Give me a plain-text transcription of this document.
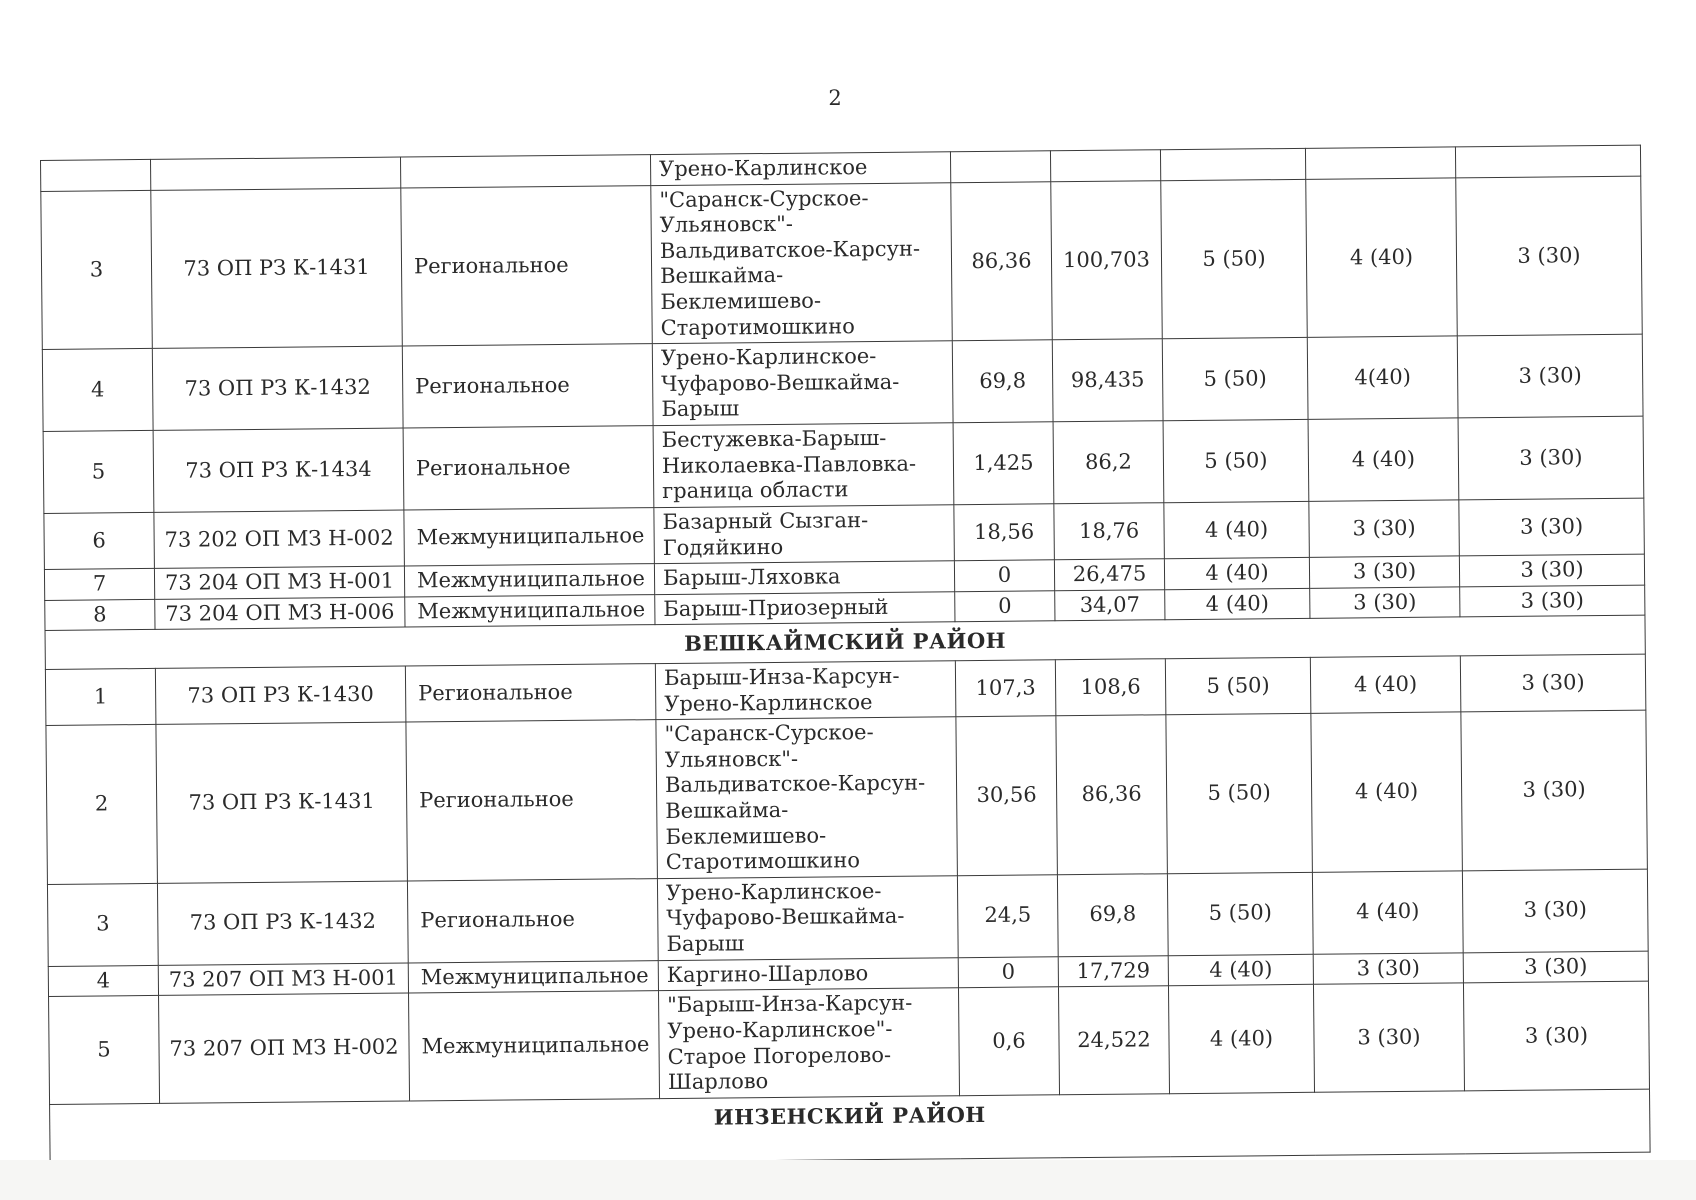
2
			Урено-Карлинское					
3	73 ОП РЗ К-1431	Региональное	"Саранск-Сурское-Ульяновск"-Вальдиватское-Карсун-Вешкайма-Беклемишево-Старотимошкино	86,36	100,703	5 (50)	4 (40)	3 (30)
4	73 ОП РЗ К-1432	Региональное	Урено-Карлинское-Чуфарово-Вешкайма-Барыш	69,8	98,435	5 (50)	4(40)	3 (30)
5	73 ОП РЗ К-1434	Региональное	Бестужевка-Барыш-Николаевка-Павловка-граница области	1,425	86,2	5 (50)	4 (40)	3 (30)
6	73 202 ОП МЗ Н-002	Межмуниципальное	Базарный Сызган-Годяйкино	18,56	18,76	4 (40)	3 (30)	3 (30)
7	73 204 ОП МЗ Н-001	Межмуниципальное	Барыш-Ляховка	0	26,475	4 (40)	3 (30)	3 (30)
8	73 204 ОП МЗ Н-006	Межмуниципальное	Барыш-Приозерный	0	34,07	4 (40)	3 (30)	3 (30)
ВЕШКАЙМСКИЙ РАЙОН								
1	73 ОП РЗ К-1430	Региональное	Барыш-Инза-Карсун-Урено-Карлинское	107,3	108,6	5 (50)	4 (40)	3 (30)
2	73 ОП РЗ К-1431	Региональное	"Саранск-Сурское-Ульяновск"-Вальдиватское-Карсун-Вешкайма-Беклемишево-Старотимошкино	30,56	86,36	5 (50)	4 (40)	3 (30)
3	73 ОП РЗ К-1432	Региональное	Урено-Карлинское-Чуфарово-Вешкайма-Барыш	24,5	69,8	5 (50)	4 (40)	3 (30)
4	73 207 ОП МЗ Н-001	Межмуниципальное	Каргино-Шарлово	0	17,729	4 (40)	3 (30)	3 (30)
5	73 207 ОП МЗ Н-002	Межмуниципальное	"Барыш-Инза-Карсун-Урено-Карлинское"-Старое Погорелово-Шарлово	0,6	24,522	4 (40)	3 (30)	3 (30)
ИНЗЕНСКИЙ РАЙОН								
